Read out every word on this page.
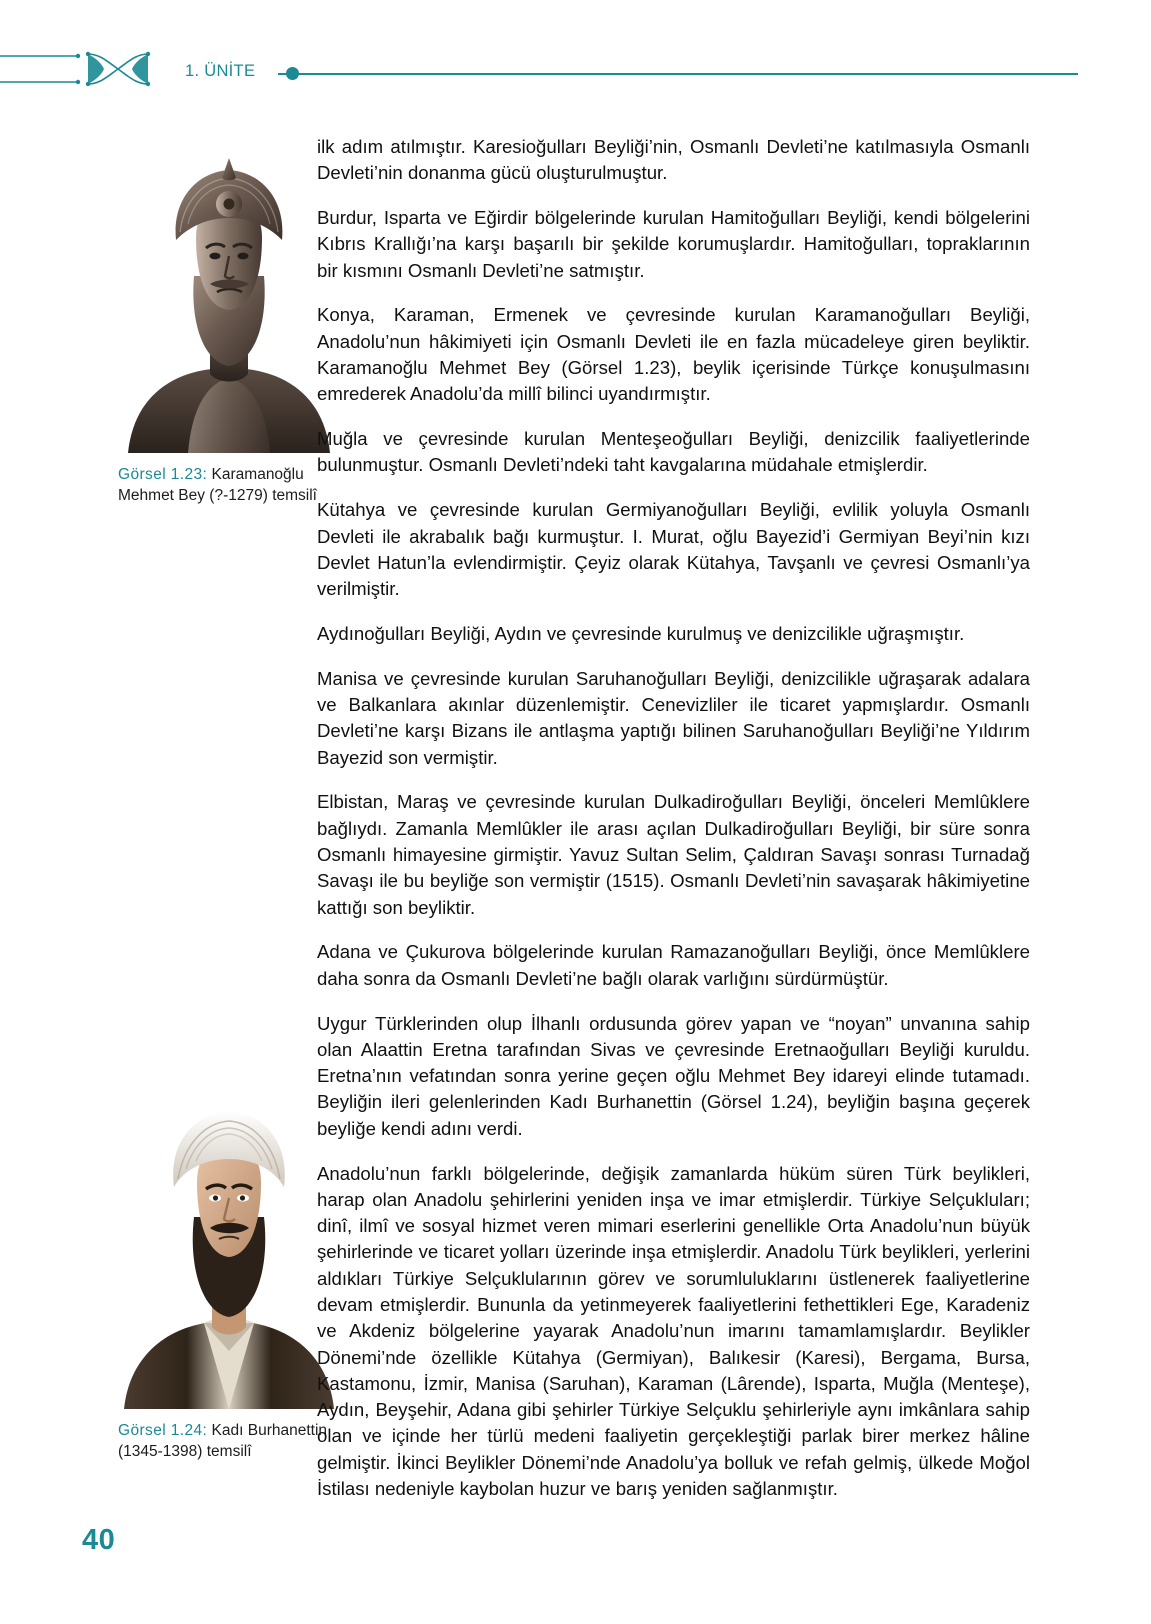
1. ÜNİTE
Görsel 1.23: Karamanoğlu Mehmet Bey (?-1279) temsilî
Görsel 1.24: Kadı Burhanettin (1345-1398) temsilî

ilk adım atılmıştır. Karesioğulları Beyliği’nin, Osmanlı Devleti’ne katılmasıyla Osmanlı Devleti’nin donanma gücü oluşturulmuştur.

Burdur, Isparta ve Eğirdir bölgelerinde kurulan Hamitoğulları Beyliği, kendi bölgelerini Kıbrıs Krallığı’na karşı başarılı bir şekilde korumuşlardır. Hamitoğulları, topraklarının bir kısmını Osmanlı Devleti’ne satmıştır.

Konya, Karaman, Ermenek ve çevresinde kurulan Karamanoğulları Beyliği, Anadolu’nun hâkimiyeti için Osmanlı Devleti ile en fazla mücadeleye giren beyliktir. Karamanoğlu Mehmet Bey (Görsel 1.23), beylik içerisinde Türkçe konuşulmasını emrederek Anadolu’da millî bilinci uyandırmıştır.

Muğla ve çevresinde kurulan Menteşeoğulları Beyliği, denizcilik faaliyetlerinde bulunmuştur. Osmanlı Devleti’ndeki taht kavgalarına müdahale etmişlerdir.

Kütahya ve çevresinde kurulan Germiyanoğulları Beyliği, evlilik yoluyla Osmanlı Devleti ile akrabalık bağı kurmuştur. I. Murat, oğlu Bayezid’i Germiyan Beyi’nin kızı Devlet Hatun’la evlendirmiştir. Çeyiz olarak Kütahya, Tavşanlı ve çevresi Osmanlı’ya verilmiştir.

Aydınoğulları Beyliği, Aydın ve çevresinde kurulmuş ve denizcilikle uğraşmıştır.

Manisa ve çevresinde kurulan Saruhanoğulları Beyliği, denizcilikle uğraşarak adalara ve Balkanlara akınlar düzenlemiştir. Cenevizliler ile ticaret yapmışlardır. Osmanlı Devleti’ne karşı Bizans ile antlaşma yaptığı bilinen Saruhanoğulları Beyliği’ne Yıldırım Bayezid son vermiştir.

Elbistan, Maraş ve çevresinde kurulan Dulkadiroğulları Beyliği, önceleri Memlûklere bağlıydı. Zamanla Memlûkler ile arası açılan Dulkadiroğulları Beyliği, bir süre sonra Osmanlı himayesine girmiştir. Yavuz Sultan Selim, Çaldıran Savaşı sonrası Turnadağ Savaşı ile bu beyliğe son vermiştir (1515). Osmanlı Devleti’nin savaşarak hâkimiyetine kattığı son beyliktir.

Adana ve Çukurova bölgelerinde kurulan Ramazanoğulları Beyliği, önce Memlûklere daha sonra da Osmanlı Devleti’ne bağlı olarak varlığını sürdürmüştür.

Uygur Türklerinden olup İlhanlı ordusunda görev yapan ve “noyan” unvanına sahip olan Alaattin Eretna tarafından Sivas ve çevresinde Eretnaoğulları Beyliği kuruldu. Eretna’nın vefatından sonra yerine geçen oğlu Mehmet Bey idareyi elinde tutamadı. Beyliğin ileri gelenlerinden Kadı Burhanettin (Görsel 1.24), beyliğin başına geçerek beyliğe kendi adını verdi.

Anadolu’nun farklı bölgelerinde, değişik zamanlarda hüküm süren Türk beylikleri, harap olan Anadolu şehirlerini yeniden inşa ve imar etmişlerdir. Türkiye Selçukluları; dinî, ilmî ve sosyal hizmet veren mimari eserlerini genellikle Orta Anadolu’nun büyük şehirlerinde ve ticaret yolları üzerinde inşa etmişlerdir. Anadolu Türk beylikleri, yerlerini aldıkları Türkiye Selçuklularının görev ve sorumluluklarını üstlenerek faaliyetlerine devam etmişlerdir. Bununla da yetinmeyerek faaliyetlerini fethettikleri Ege, Karadeniz ve Akdeniz bölgelerine yayarak Anadolu’nun imarını tamamlamışlardır. Beylikler Dönemi’nde özellikle Kütahya (Germiyan), Balıkesir (Karesi), Bergama, Bursa, Kastamonu, İzmir, Manisa (Saruhan), Karaman (Lârende), Isparta, Muğla (Menteşe), Aydın, Beyşehir, Adana gibi şehirler Türkiye Selçuklu şehirleriyle aynı imkânlara sahip olan ve içinde her türlü medeni faaliyetin gerçekleştiği parlak birer merkez hâline gelmiştir. İkinci Beylikler Dönemi’nde Anadolu’ya bolluk ve refah gelmiş, ülkede Moğol İstilası nedeniyle kaybolan huzur ve barış yeniden sağlanmıştır.

40
